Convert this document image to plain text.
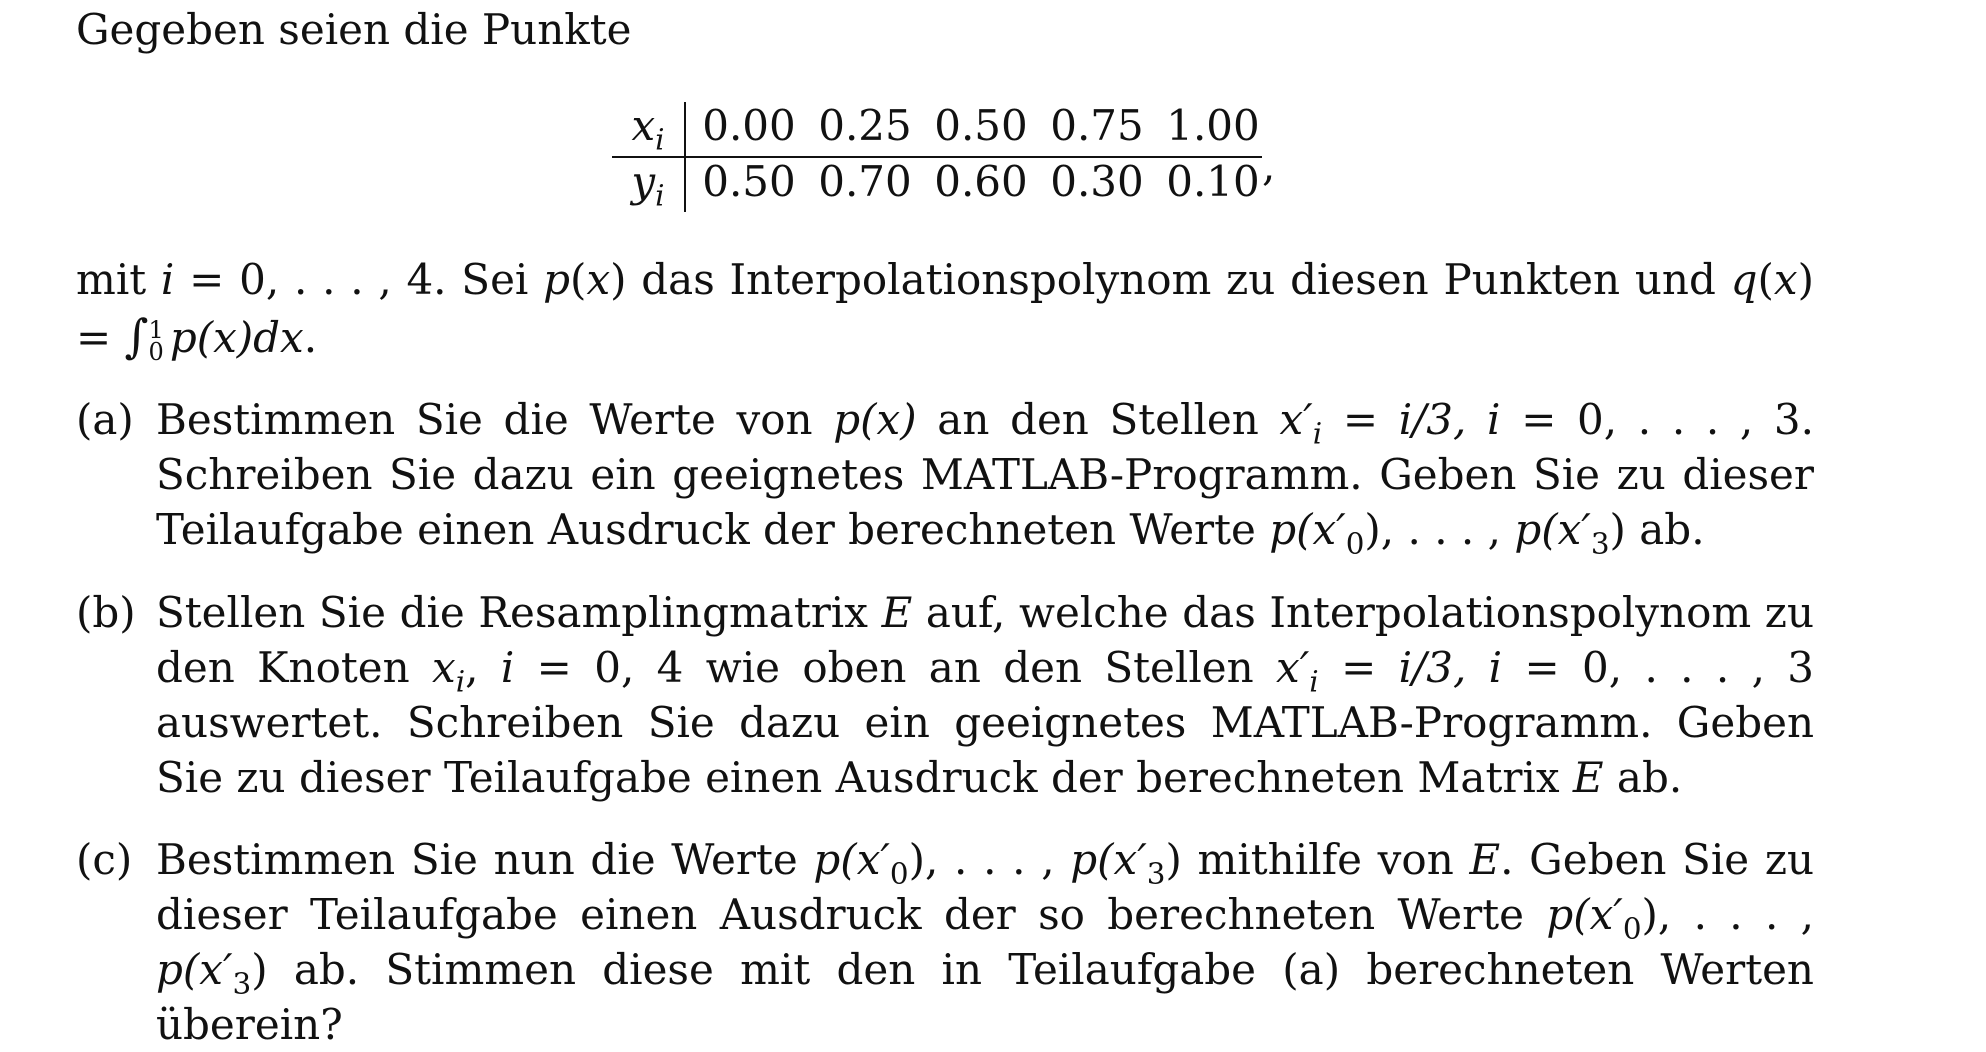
Gegeben seien die Punkte
$x_i$ 0.00 0.25 0.50 0.75 1.00
$y_i$ 0.50 0.70 0.60 0.30 0.10 ,
mit i = 0, . . . , 4. Sei p(x) das Interpolationspolynom zu diesen Punkten und q(x) = ∫ 1
0 p(x)dx.
(a) Bestimmen Sie die Werte von p(x) an den Stellen $x'_i = i/3$, i = 0, . . . , 3. Schreiben Sie dazu ein geeignetes MATLAB-Programm. Geben Sie zu dieser Teilaufgabe einen Ausdruck der berechneten Werte $p(x'_0)$, . . . , $p(x'_3)$ ab.
(b) Stellen Sie die Resamplingmatrix E auf, welche das Interpolationspolynom zu den Knoten $x_i$, i = 0, 4 wie oben an den Stellen $x'_i = i/3$, i = 0, . . . , 3 auswertet. Schreiben Sie dazu ein geeignetes MATLAB-Programm. Geben Sie zu dieser Teilaufgabe einen Ausdruck der berechneten Matrix E ab.
(c) Bestimmen Sie nun die Werte $p(x'_0)$, . . . , $p(x'_3)$ mithilfe von E. Geben Sie zu dieser Teilaufgabe einen Ausdruck der so berechneten Werte $p(x'_0)$, . . . , $p(x'_3)$ ab. Stimmen diese mit den in Teilaufgabe (a) berechneten Werten überein?
